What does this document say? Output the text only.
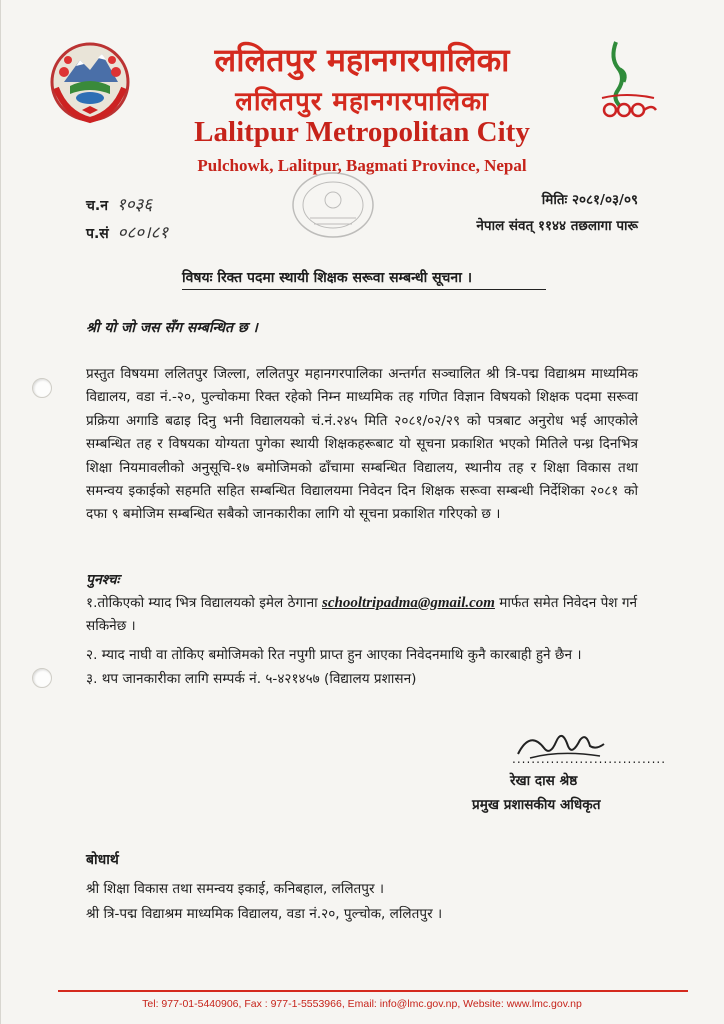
ललितपुर महानगरपालिका
ललितपुर महानगरपालिका
Lalitpur Metropolitan City
Pulchowk, Lalitpur, Bagmati Province, Nepal
च.न १०३६
प.सं ०८०।८१
मितिः २०८१/०३/०९
नेपाल संवत् ११४४ तछलागा पारू
विषयः रिक्त पदमा स्थायी शिक्षक सरूवा सम्बन्धी सूचना ।
श्री यो जो जस सँग सम्बन्धित छ ।
प्रस्तुत विषयमा ललितपुर जिल्ला, ललितपुर महानगरपालिका अन्तर्गत सञ्चालित श्री त्रि-पद्म विद्याश्रम माध्यमिक विद्यालय, वडा नं.-२०, पुल्चोकमा रिक्त रहेको निम्न माध्यमिक तह गणित विज्ञान विषयको शिक्षक पदमा सरूवा प्रक्रिया अगाडि बढाइ दिनु भनी विद्यालयको चं.नं.२४५ मिति २०८१/०२/२९ को पत्रबाट अनुरोध भई आएकोले सम्बन्धित तह र विषयका योग्यता पुगेका स्थायी शिक्षकहरूबाट यो सूचना प्रकाशित भएको मितिले पन्ध्र दिनभित्र शिक्षा नियमावलीको अनुसूचि-१७ बमोजिमको ढाँचामा सम्बन्धित विद्यालय, स्थानीय तह र शिक्षा विकास तथा समन्वय इकाईको सहमति सहित सम्बन्धित विद्यालयमा निवेदन दिन शिक्षक सरूवा सम्बन्धी निर्देशिका २०८१ को दफा ९ बमोजिम सम्बन्धित सबैको जानकारीका लागि यो सूचना प्रकाशित गरिएको छ ।
पुनश्चः
१.तोकिएको म्याद भित्र विद्यालयको इमेल ठेगाना schooltripadma@gmail.com मार्फत समेत निवेदन पेश गर्न सकिनेछ ।
२. म्याद नाघी वा तोकिए बमोजिमको रित नपुगी प्राप्त हुन आएका निवेदनमाथि कुनै कारबाही हुने छैन ।
३. थप जानकारीका लागि सम्पर्क नं. ५-४२१४५७ (विद्यालय प्रशासन)
................................
रेखा दास श्रेष्ठ
प्रमुख प्रशासकीय अधिकृत
बोधार्थ
श्री शिक्षा विकास तथा समन्वय इकाई, कनिबहाल, ललितपुर ।
श्री त्रि-पद्म विद्याश्रम माध्यमिक विद्यालय, वडा नं.२०, पुल्चोक, ललितपुर ।
Tel: 977-01-5440906, Fax : 977-1-5553966, Email: info@lmc.gov.np, Website: www.lmc.gov.np
